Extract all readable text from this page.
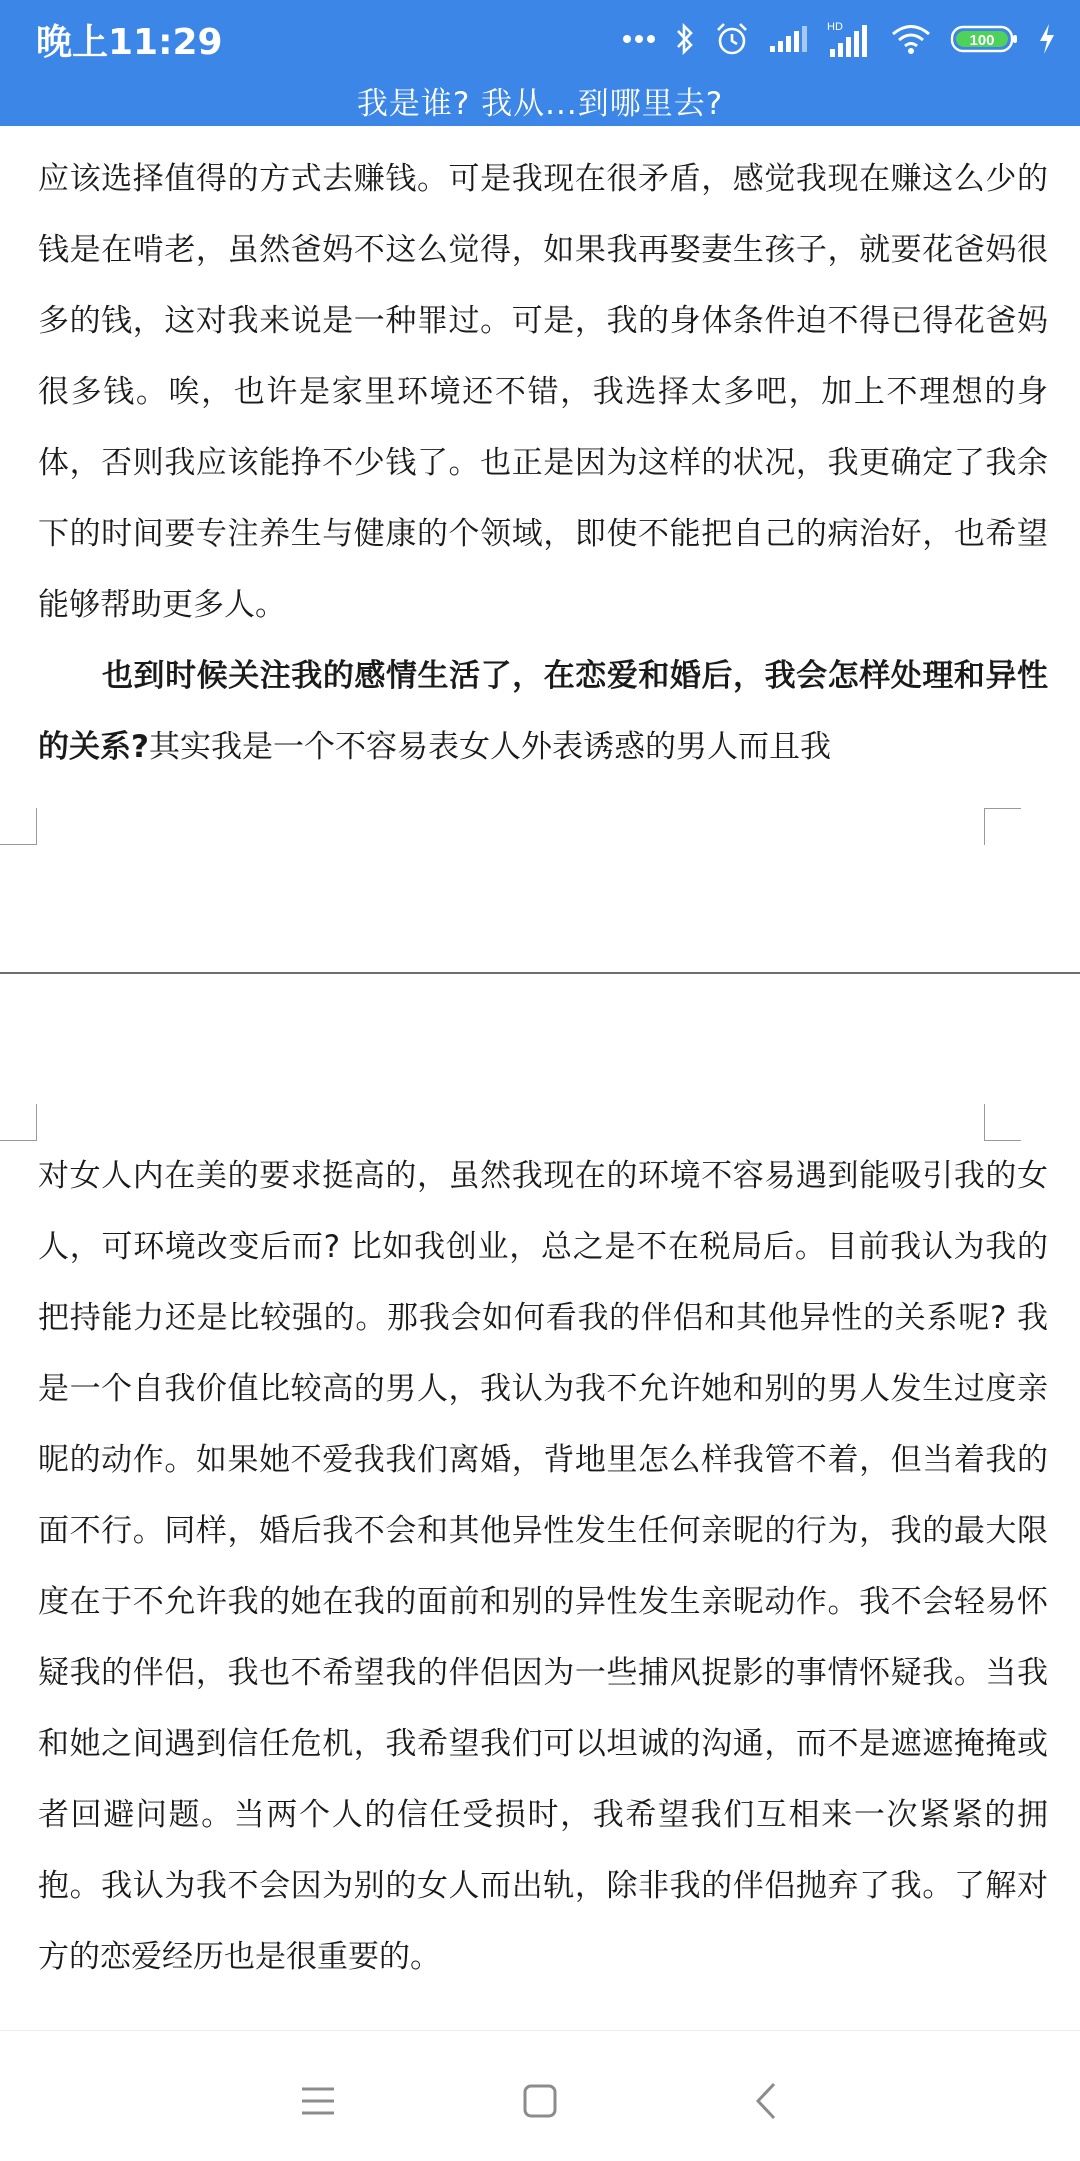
晚上11:29	HD
100
我是谁? 我从...到哪里去?

应该选择值得的方式去赚钱。可是我现在很矛盾，感觉我现在赚这么少的钱是在啃老，虽然爸妈不这么觉得，如果我再娶妻生孩子，就要花爸妈很多的钱，这对我来说是一种罪过。可是，我的身体条件迫不得已得花爸妈很多钱。唉，也许是家里环境还不错，我选择太多吧，加上不理想的身体，否则我应该能挣不少钱了。也正是因为这样的状况，我更确定了我余下的时间要专注养生与健康的个领域，即使不能把自己的病治好，也希望能够帮助更多人。

也到时候关注我的感情生活了，在恋爱和婚后，我会怎样处理和异性的关系?其实我是一个不容易表女人外表诱惑的男人而且我

对女人内在美的要求挺高的，虽然我现在的环境不容易遇到能吸引我的女人，可环境改变后而? 比如我创业，总之是不在税局后。目前我认为我的把持能力还是比较强的。那我会如何看我的伴侣和其他异性的关系呢? 我是一个自我价值比较高的男人，我认为我不允许她和别的男人发生过度亲昵的动作。如果她不爱我我们离婚，背地里怎么样我管不着，但当着我的面不行。同样，婚后我不会和其他异性发生任何亲昵的行为，我的最大限度在于不允许我的她在我的面前和别的异性发生亲昵动作。我不会轻易怀疑我的伴侣，我也不希望我的伴侣因为一些捕风捉影的事情怀疑我。当我和她之间遇到信任危机，我希望我们可以坦诚的沟通，而不是遮遮掩掩或者回避问题。当两个人的信任受损时，我希望我们互相来一次紧紧的拥抱。我认为我不会因为别的女人而出轨，除非我的伴侣抛弃了我。了解对方的恋爱经历也是很重要的。
